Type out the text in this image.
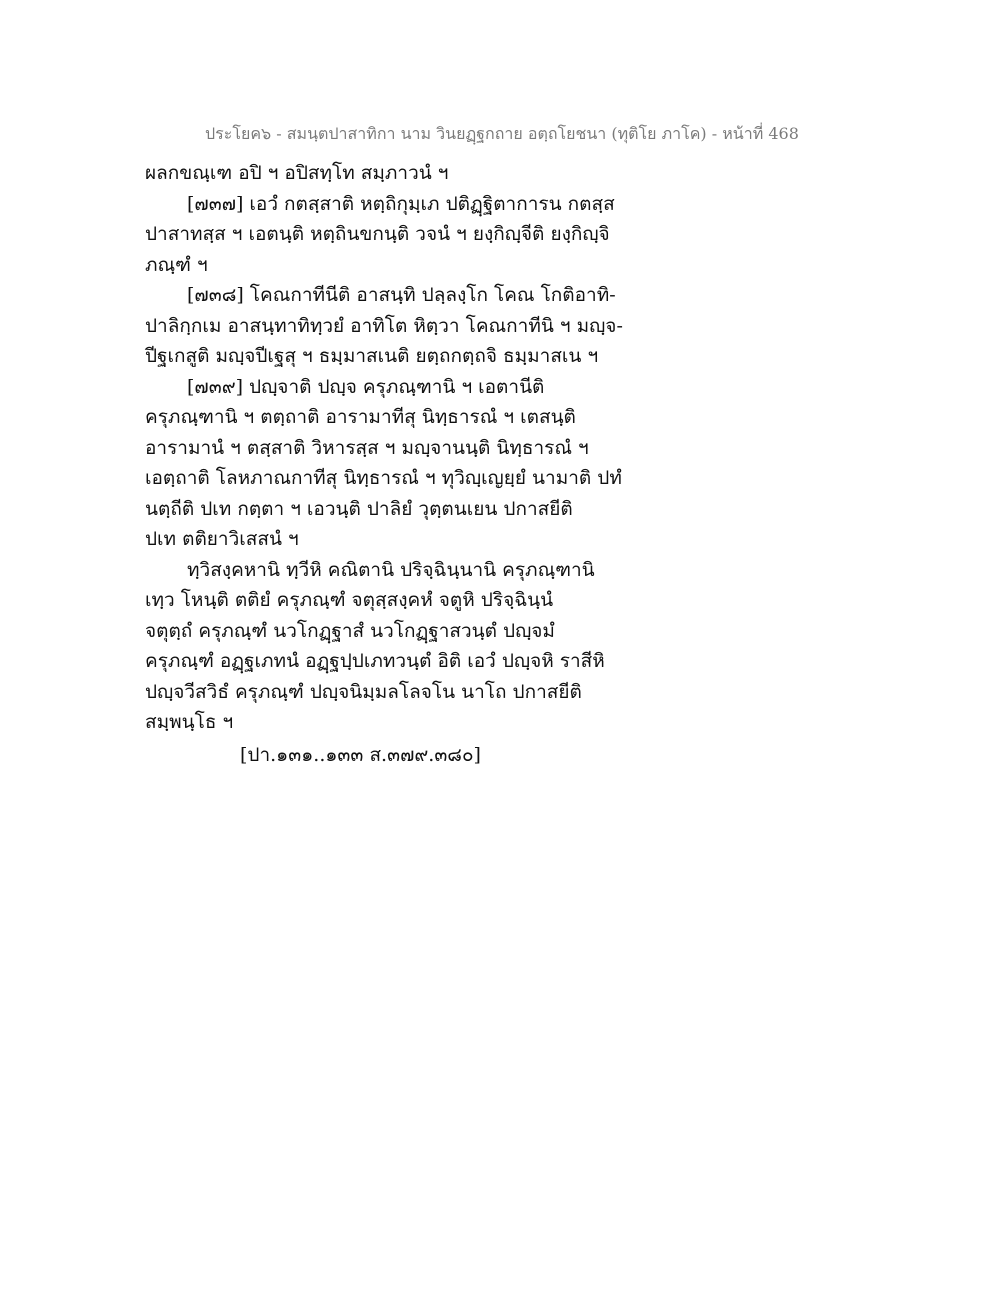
ประโยค๖ - สมนฺตปาสาทิกา นาม วินยฏฺฐกถาย อตฺถโยชนา (ทุติโย ภาโค) - หน้าที่ 468

ผลกขณฺเฑ อปิ ฯ อปิสทฺโท สมฺภาวนํ ฯ

[๗๓๗] เอวํ กตสฺสาติ หตฺถิกุมฺเภ ปติฏฺฐิตาการน กตสฺส

ปาสาทสฺส ฯ เอตนฺติ หตฺถินขกนฺติ วจนํ ฯ ยงฺกิญฺจีติ ยงฺกิญฺจิ

ภณฺฑํ ฯ

[๗๓๘] โคณกาทีนีติ อาสนฺทิ ปลฺลงฺโก โคณ โกติอาทิ-

ปาลิกฺกเม อาสนฺทาทิทฺวยํ อาทิโต หิตฺวา โคณกาทีนิ ฯ มญฺจ-

ปีฐเกสูติ มญฺจปีเฐสุ ฯ ธมฺมาสเนติ ยตฺถกตฺถจิ ธมฺมาสเน ฯ

[๗๓๙] ปญฺจาติ ปญฺจ ครุภณฺฑานิ ฯ เอตานีติ

ครุภณฺฑานิ ฯ ตตฺถาติ อารามาทีสุ นิทฺธารณํ ฯ เตสนฺติ

อารามานํ ฯ ตสฺสาติ วิหารสฺส ฯ มญฺจานนฺติ นิทฺธารณํ ฯ

เอตฺถาติ โลหภาณกาทีสุ นิทฺธารณํ ฯ ทุวิญฺเญยฺยํ นามาติ ปทํ

นตฺถีติ ปเท กตฺตา ฯ เอวนฺติ ปาลิยํ วุตฺตนเยน ปกาสยีติ

ปเท ตติยาวิเสสนํ ฯ

ทฺวิสงฺคหานิ ทฺวีหิ คณิตานิ ปริจฺฉินฺนานิ ครุภณฺฑานิ

เทฺว โหนฺติ ตติยํ ครุภณฺฑํ จตุสฺสงฺคหํ จตูหิ ปริจฺฉินฺนํ

จตุตฺถํ ครุภณฺฑํ นวโกฏฺฐาสํ นวโกฏฺฐาสวนฺตํ ปญฺจมํ

ครุภณฺฑํ อฏฺฐเภทนํ อฏฺฐปฺปเภทวนฺตํ อิติ เอวํ ปญฺจหิ ราสีหิ

ปญฺจวีสวิธํ ครุภณฺฑํ ปญฺจนิมฺมลโลจโน นาโถ ปกาสยีติ

สมฺพนฺโธ ฯ

[ปา.๑๓๑..๑๓๓ ส.๓๗๙.๓๘๐]
